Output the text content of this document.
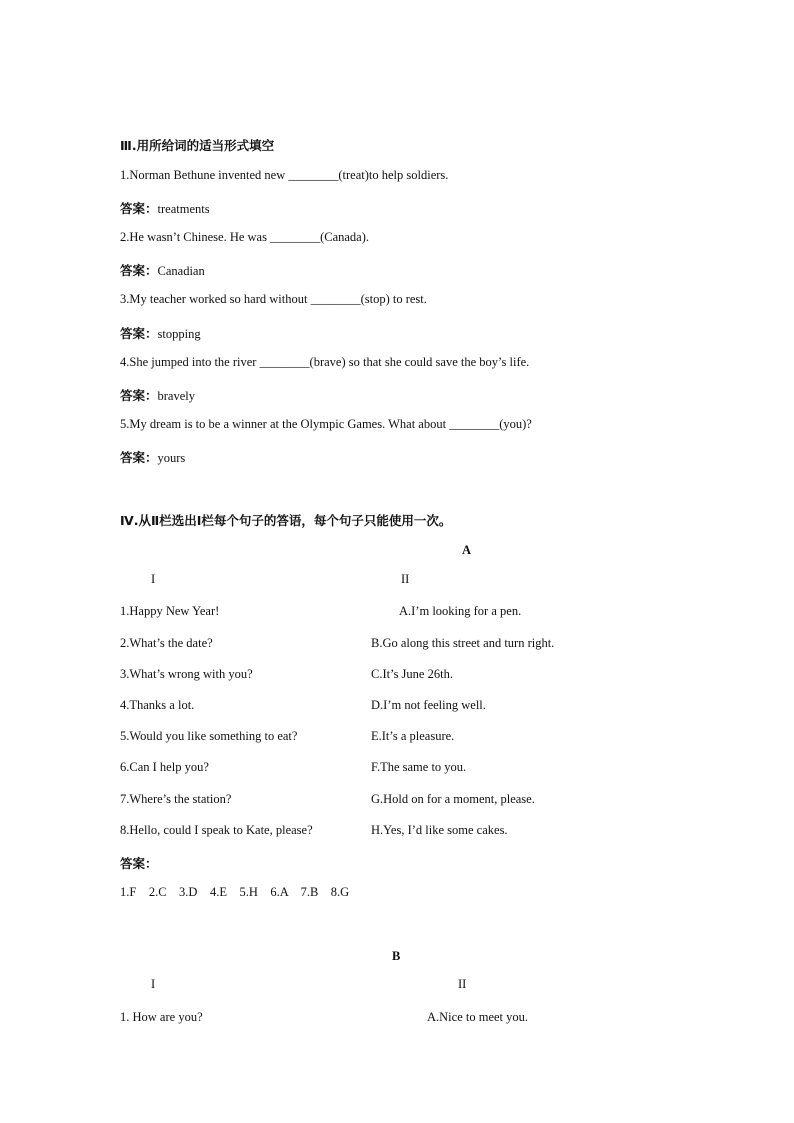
Ⅲ.用所给词的适当形式填空
1.Norman Bethune invented new ________(treat)to help soldiers.
答案：treatments
2.He wasn’t Chinese. He was ________(Canada).
答案：Canadian
3.My teacher worked so hard without ________(stop) to rest.
答案：stopping
4.She jumped into the river ________(brave) so that she could save the boy’s life.
答案：bravely
5.My dream is to be a winner at the Olympic Games. What about ________(you)?
答案：yours
Ⅳ.从Ⅱ栏选出Ⅰ栏每个句子的答语，每个句子只能使用一次。
A
I	II
1.Happy New Year!	A.I’m looking for a pen.
2.What’s the date?	B.Go along this street and turn right.
3.What’s wrong with you?	C.It’s June 26th.
4.Thanks a lot.	D.I’m not feeling well.
5.Would you like something to eat?	E.It’s a pleasure.
6.Can I help you?	F.The same to you.
7.Where’s the station?	G.Hold on for a moment, please.
8.Hello, could I speak to Kate, please?	H.Yes, I’d like some cakes.
答案：
1.F    2.C    3.D    4.E    5.H    6.A    7.B    8.G
B
I	II
1. How are you?	A.Nice to meet you.
